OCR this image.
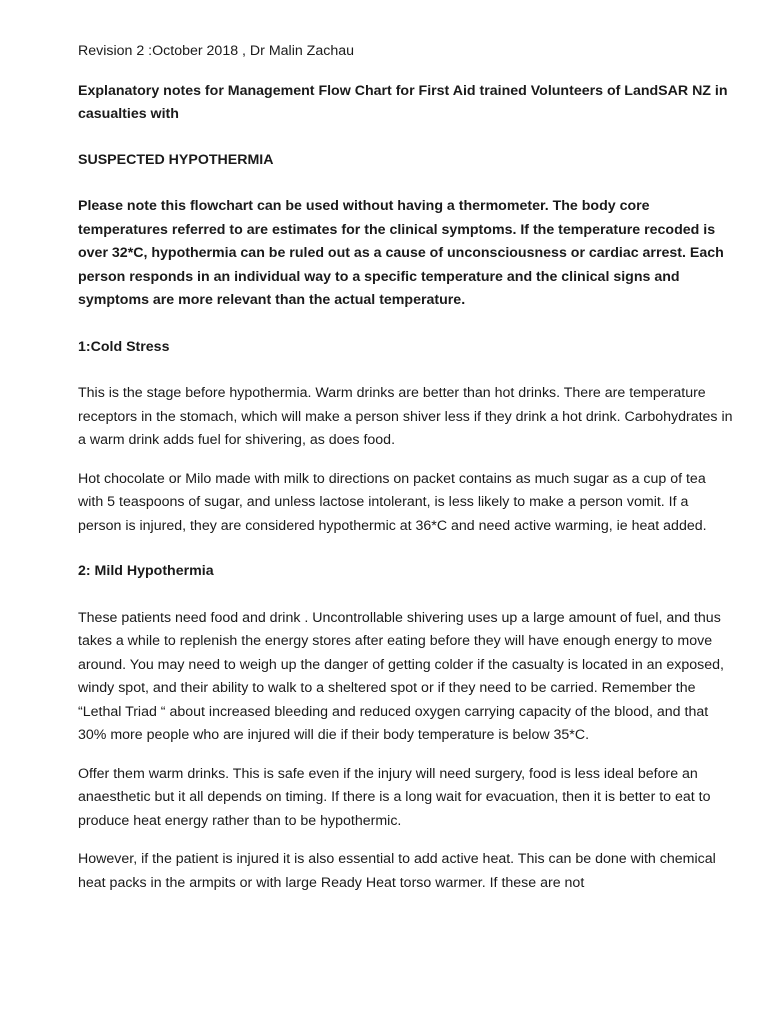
Revision 2 :October 2018 , Dr Malin Zachau

Explanatory notes for Management Flow Chart for First Aid trained Volunteers of LandSAR NZ in casualties with

SUSPECTED HYPOTHERMIA

Please note this flowchart can be used without having a thermometer. The body core temperatures referred to are estimates for the clinical symptoms. If the temperature recoded is over 32*C, hypothermia can be ruled out as a cause of unconsciousness or cardiac arrest. Each person responds in an individual way to a specific temperature and the clinical signs and symptoms are more relevant than the actual temperature.

1:Cold Stress

This is the stage before hypothermia. Warm drinks are better than hot drinks. There are temperature receptors in the stomach, which will make a person shiver less if they drink a hot drink. Carbohydrates in a warm drink adds fuel for shivering, as does food.

Hot chocolate or Milo made with milk to directions on packet contains as much sugar as a cup of tea with 5 teaspoons of sugar, and unless lactose intolerant, is less likely to make a person vomit. If a person is injured, they are considered hypothermic at 36*C and need active warming, ie heat added.

2: Mild Hypothermia

These patients need food and drink . Uncontrollable shivering uses up a large amount of fuel, and thus takes a while to replenish the energy stores after eating before they will have enough energy to move around. You may need to weigh up the danger of getting colder if the casualty is located in an exposed, windy spot, and their ability to walk to a sheltered spot or if they need to be carried. Remember the “Lethal Triad “ about increased bleeding and reduced oxygen carrying capacity of the blood, and that 30% more people who are injured will die if their body temperature is below 35*C.

Offer them warm drinks. This is safe even if the injury will need surgery, food is less ideal before an anaesthetic but it all depends on timing. If there is a long wait for evacuation, then it is better to eat to produce heat energy rather than to be hypothermic.

However, if the patient is injured it is also essential to add active heat. This can be done with chemical heat packs in the armpits or with large Ready Heat torso warmer. If these are not
